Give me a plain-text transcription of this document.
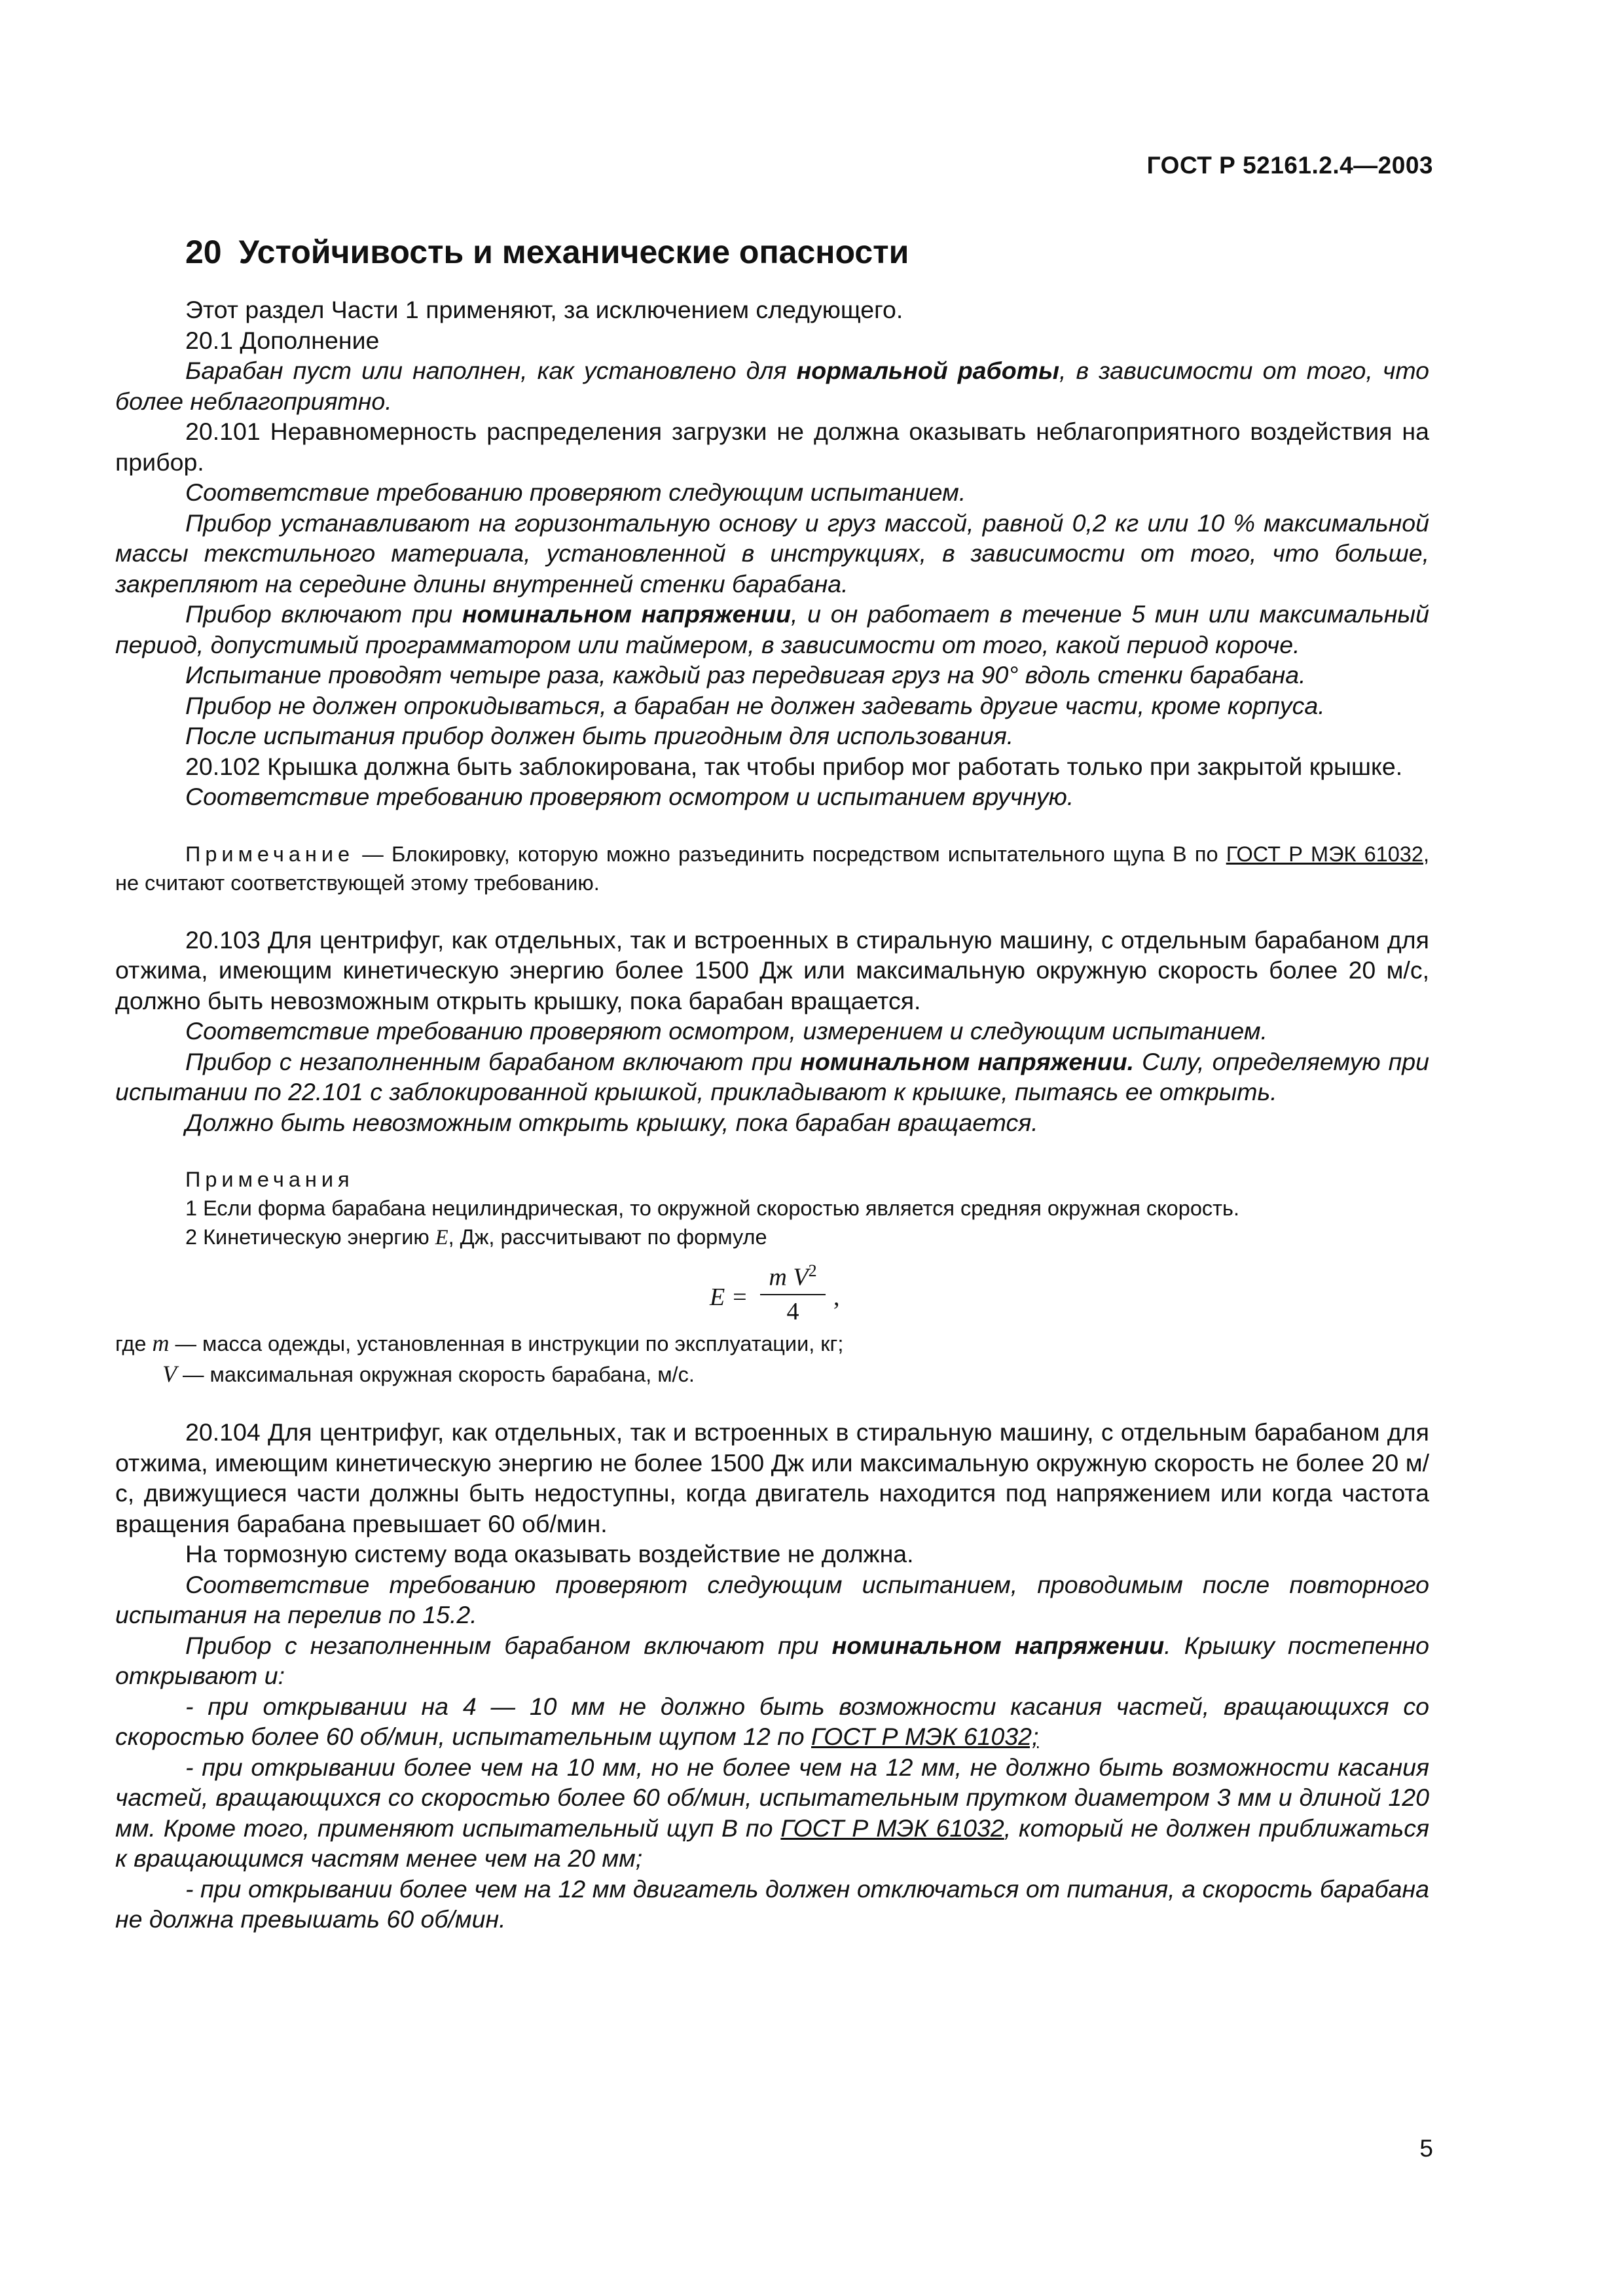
ГОСТ Р 52161.2.4—2003
20 Устойчивость и механические опасности

Этот раздел Части 1 применяют, за исключением следующего.

20.1 Дополнение

Барабан пуст или наполнен, как установлено для нормальной работы, в зависимости от того, что более неблагоприятно.

20.101 Неравномерность распределения загрузки не должна оказывать неблагоприятного воздействия на прибор.

Соответствие требованию проверяют следующим испытанием.

Прибор устанавливают на горизонтальную основу и груз массой, равной 0,2 кг или 10 % максимальной массы текстильного материала, установленной в инструкциях, в зависимости от того, что больше, закрепляют на середине длины внутренней стенки барабана.

Прибор включают при номинальном напряжении, и он работает в течение 5 мин или максимальный период, допустимый программатором или таймером, в зависимости от того, какой период короче.

Испытание проводят четыре раза, каждый раз передвигая груз на 90° вдоль стенки барабана.

Прибор не должен опрокидываться, а барабан не должен задевать другие части, кроме корпуса.

После испытания прибор должен быть пригодным для использования.

20.102 Крышка должна быть заблокирована, так чтобы прибор мог работать только при закрытой крышке.

Соответствие требованию проверяют осмотром и испытанием вручную.

Примечание — Блокировку, которую можно разъединить посредством испытательного щупа В по ГОСТ Р МЭК 61032, не считают соответствующей этому требованию.

20.103 Для центрифуг, как отдельных, так и встроенных в стиральную машину, с отдельным барабаном для отжима, имеющим кинетическую энергию более 1500 Дж или максимальную окружную скорость более 20 м/с, должно быть невозможным открыть крышку, пока барабан вращается.

Соответствие требованию проверяют осмотром, измерением и следующим испытанием.

Прибор с незаполненным барабаном включают при номинальном напряжении. Силу, определяемую при испытании по 22.101 с заблокированной крышкой, прикладывают к крышке, пытаясь ее открыть.

Должно быть невозможным открыть крышку, пока барабан вращается.

Примечания

1 Если форма барабана нецилиндрическая, то окружной скоростью является средняя окружная скорость.

2 Кинетическую энергию E, Дж, рассчитывают по формуле

$E = \frac{m V^2}{4}$ ,

где m — масса одежды, установленная в инструкции по эксплуатации, кг;

V — максимальная окружная скорость барабана, м/с.

20.104 Для центрифуг, как отдельных, так и встроенных в стиральную машину, с отдельным барабаном для отжима, имеющим кинетическую энергию не более 1500 Дж или максимальную окружную скорость не более 20 м/с, движущиеся части должны быть недоступны, когда двигатель находится под напряжением или когда частота вращения барабана превышает 60 об/мин.

На тормозную систему вода оказывать воздействие не должна.

Соответствие требованию проверяют следующим испытанием, проводимым после повторного испытания на перелив по 15.2.

Прибор с незаполненным барабаном включают при номинальном напряжении. Крышку постепенно открывают и:

- при открывании на 4 — 10 мм не должно быть возможности касания частей, вращающихся со скоростью более 60 об/мин, испытательным щупом 12 по ГОСТ Р МЭК 61032;

- при открывании более чем на 10 мм, но не более чем на 12 мм, не должно быть возможности касания частей, вращающихся со скоростью более 60 об/мин, испытательным прутком диаметром 3 мм и длиной 120 мм. Кроме того, применяют испытательный щуп В по ГОСТ Р МЭК 61032, который не должен приближаться к вращающимся частям менее чем на 20 мм;

- при открывании более чем на 12 мм двигатель должен отключаться от питания, а скорость барабана не должна превышать 60 об/мин.

5
